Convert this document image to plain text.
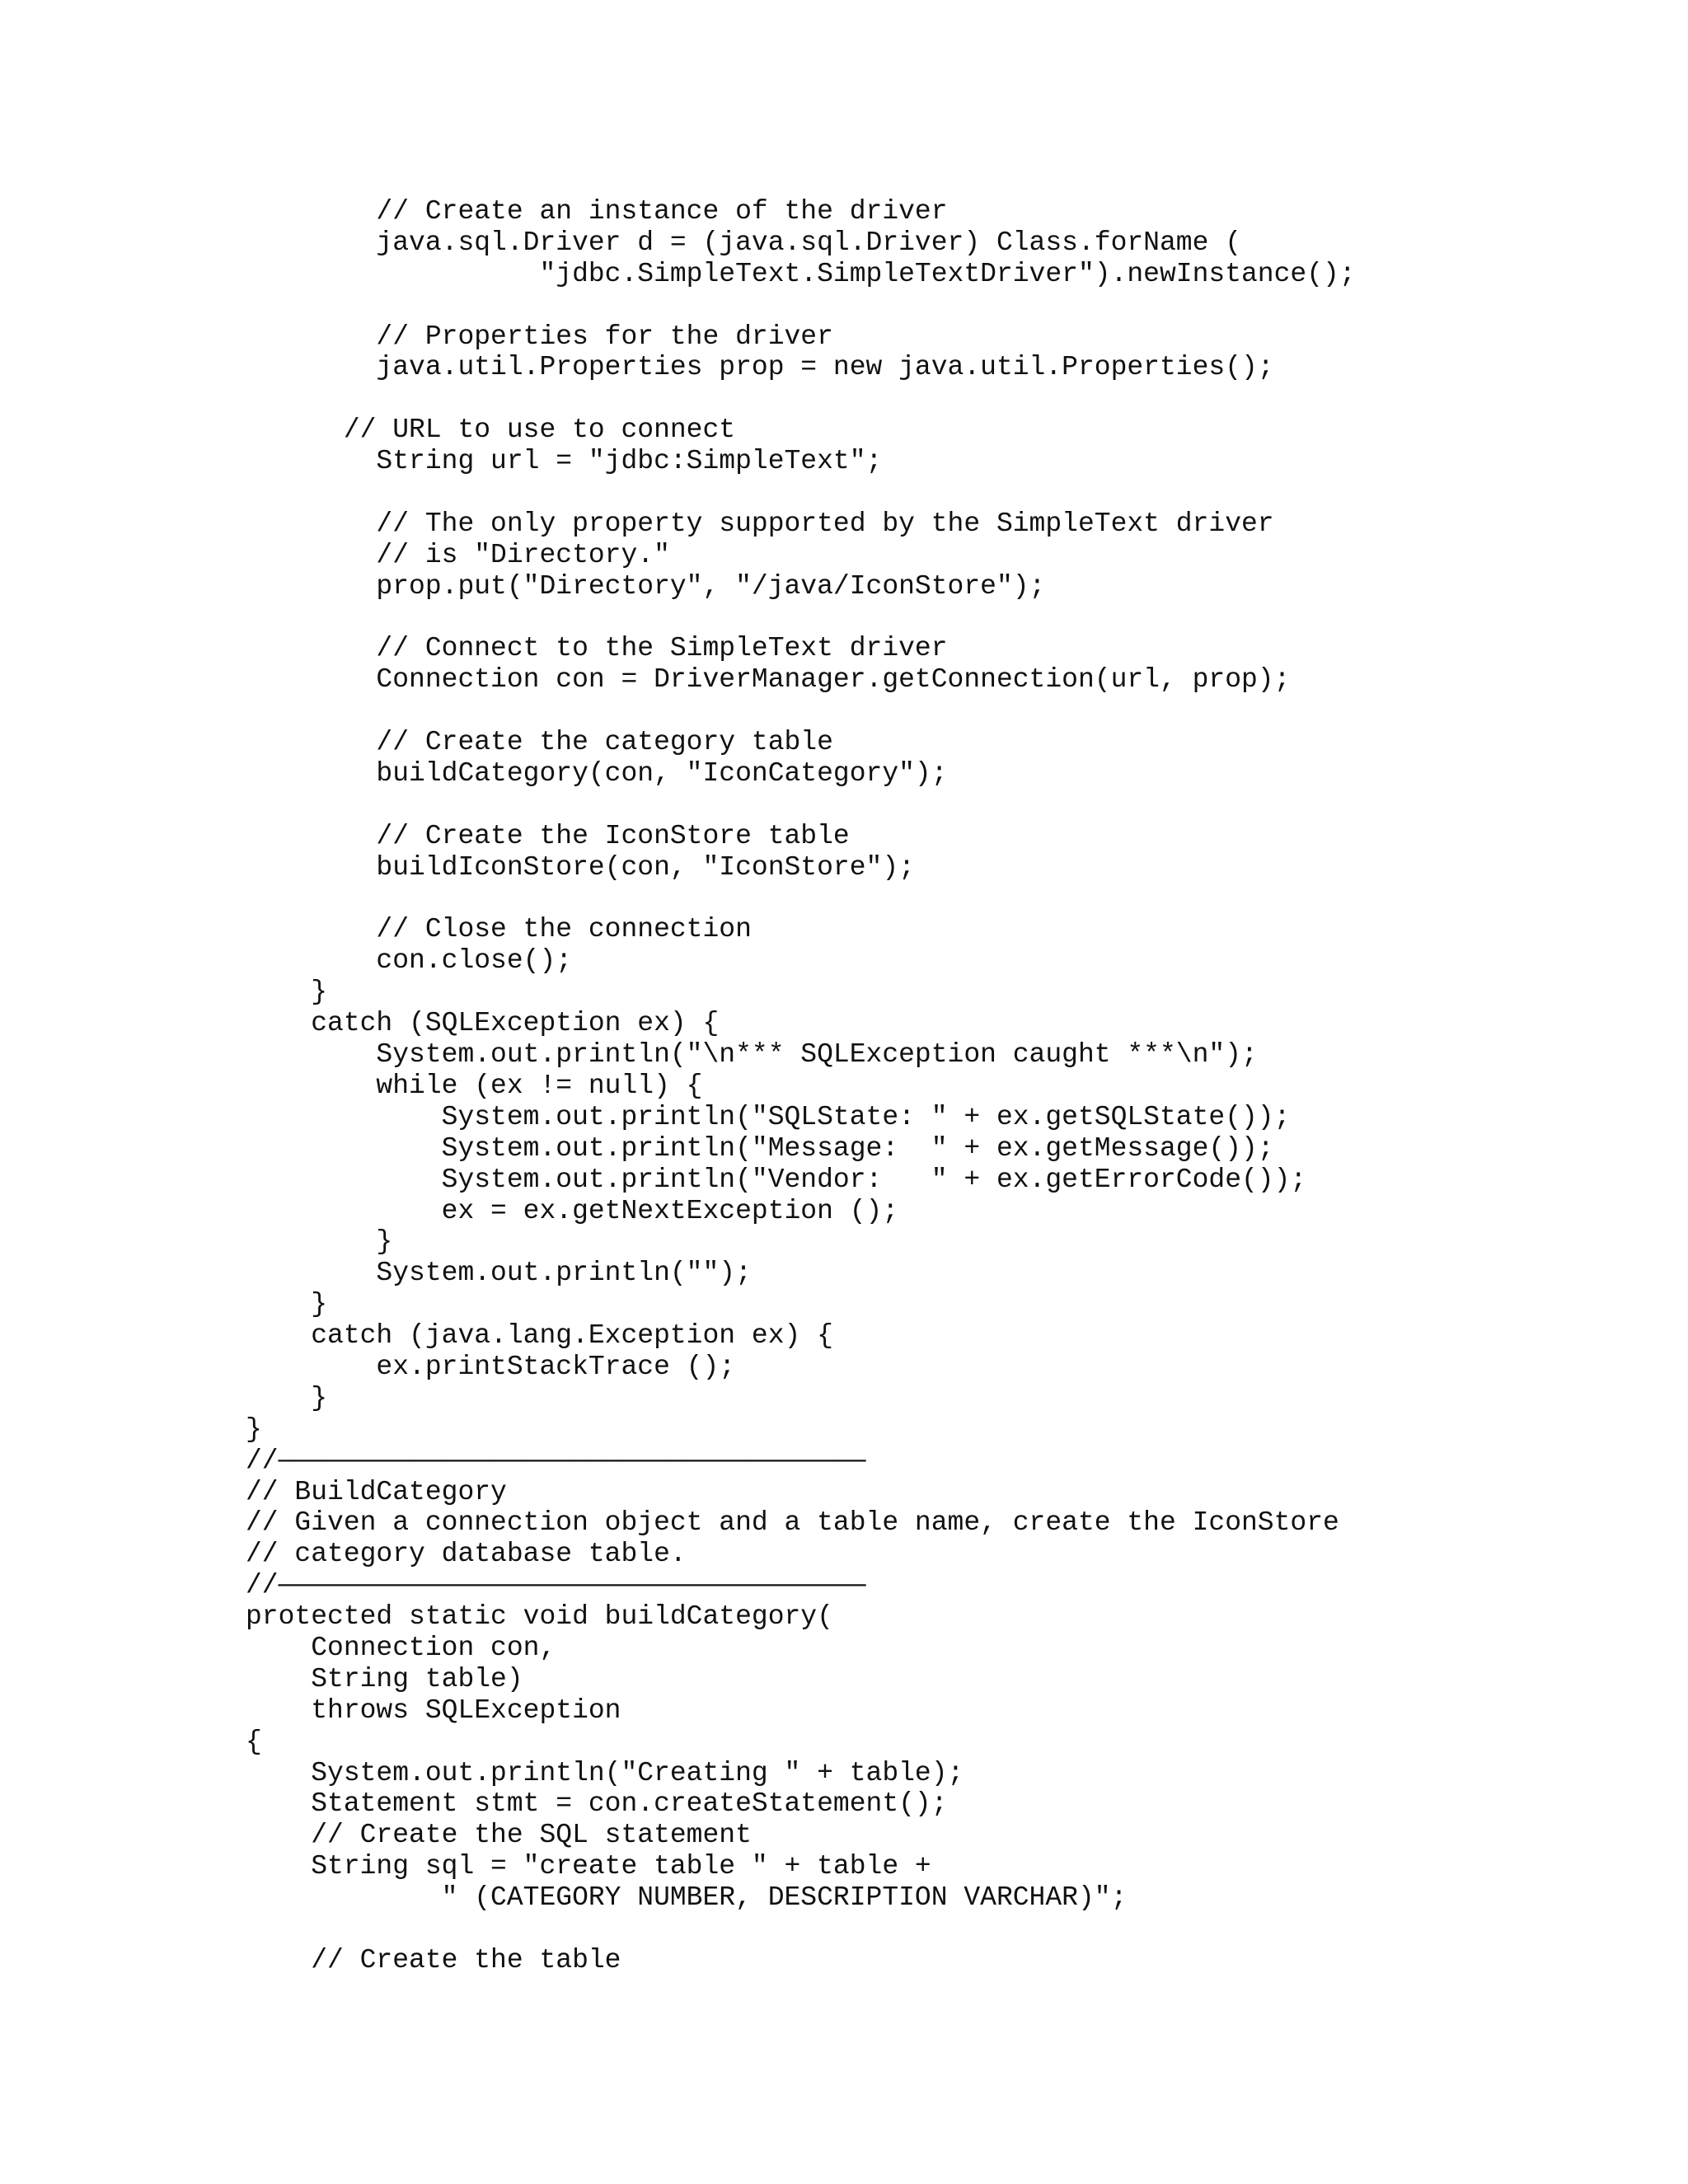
// Create an instance of the driver
java.sql.Driver d = (java.sql.Driver) Class.forName (
"jdbc.SimpleText.SimpleTextDriver").newInstance();
// Properties for the driver
java.util.Properties prop = new java.util.Properties();
// URL to use to connect
String url = "jdbc:SimpleText";
// The only property supported by the SimpleText driver
// is "Directory."
prop.put("Directory", "/java/IconStore");
// Connect to the SimpleText driver
Connection con = DriverManager.getConnection(url, prop);
// Create the category table
buildCategory(con, "IconCategory");
// Create the IconStore table
buildIconStore(con, "IconStore");
// Close the connection
con.close();
}
catch (SQLException ex) {
System.out.println("\n*** SQLException caught ***\n");
while (ex != null) {
System.out.println("SQLState: " + ex.getSQLState());
System.out.println("Message:  " + ex.getMessage());
System.out.println("Vendor:   " + ex.getErrorCode());
ex = ex.getNextException ();
}
System.out.println("");
}
catch (java.lang.Exception ex) {
ex.printStackTrace ();
}
}
//————————————————————————————————————
// BuildCategory
// Given a connection object and a table name, create the IconStore
// category database table.
//————————————————————————————————————
protected static void buildCategory(
Connection con,
String table)
throws SQLException
{
System.out.println("Creating " + table);
Statement stmt = con.createStatement();
// Create the SQL statement
String sql = "create table " + table +
" (CATEGORY NUMBER, DESCRIPTION VARCHAR)";
// Create the table
